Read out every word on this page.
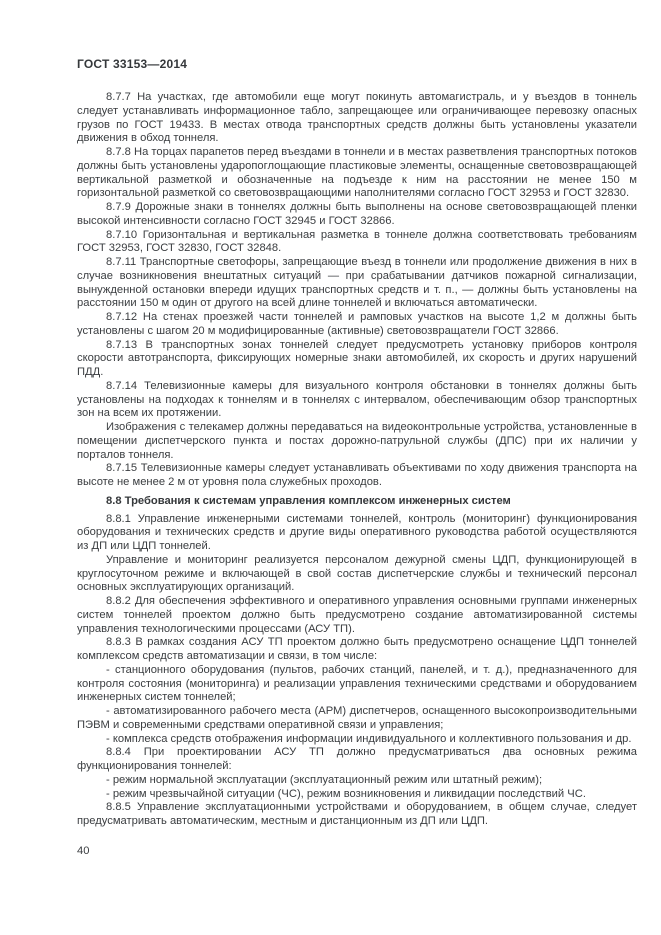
ГОСТ 33153—2014

8.7.7 На участках, где автомобили еще могут покинуть автомагистраль, и у въездов в тоннель следует устанавливать информационное табло, запрещающее или ограничивающее перевозку опасных грузов по ГОСТ 19433. В местах отвода транспортных средств должны быть установлены указатели движения в обход тоннеля.

8.7.8 На торцах парапетов перед въездами в тоннели и в местах разветвления транспортных потоков должны быть установлены ударопоглощающие пластиковые элементы, оснащенные световозвращающей вертикальной разметкой и обозначенные на подъезде к ним на расстоянии не менее 150 м горизонтальной разметкой со световозвращающими наполнителями согласно ГОСТ 32953 и ГОСТ 32830.

8.7.9 Дорожные знаки в тоннелях должны быть выполнены на основе световозвращающей пленки высокой интенсивности согласно ГОСТ 32945 и ГОСТ 32866.

8.7.10 Горизонтальная и вертикальная разметка в тоннеле должна соответствовать требованиям ГОСТ 32953, ГОСТ 32830, ГОСТ 32848.

8.7.11 Транспортные светофоры, запрещающие въезд в тоннели или продолжение движения в них в случае возникновения внештатных ситуаций — при срабатывании датчиков пожарной сигнализации, вынужденной остановки впереди идущих транспортных средств и т. п., — должны быть установлены на расстоянии 150 м один от другого на всей длине тоннелей и включаться автоматически.

8.7.12 На стенах проезжей части тоннелей и рамповых участков на высоте 1,2 м должны быть установлены с шагом 20 м модифицированные (активные) световозвращатели ГОСТ 32866.

8.7.13 В транспортных зонах тоннелей следует предусмотреть установку приборов контроля скорости автотранспорта, фиксирующих номерные знаки автомобилей, их скорость и других нарушений ПДД.

8.7.14 Телевизионные камеры для визуального контроля обстановки в тоннелях должны быть установлены на подходах к тоннелям и в тоннелях с интервалом, обеспечивающим обзор транспортных зон на всем их протяжении.

Изображения с телекамер должны передаваться на видеоконтрольные устройства, установленные в помещении диспетчерского пункта и постах дорожно-патрульной службы (ДПС) при их наличии у порталов тоннеля.

8.7.15 Телевизионные камеры следует устанавливать объективами по ходу движения транспорта на высоте не менее 2 м от уровня пола служебных проходов.

8.8 Требования к системам управления комплексом инженерных систем

8.8.1 Управление инженерными системами тоннелей, контроль (мониторинг) функционирования оборудования и технических средств и другие виды оперативного руководства работой осуществляются из ДП или ЦДП тоннелей.

Управление и мониторинг реализуется персоналом дежурной смены ЦДП, функционирующей в круглосуточном режиме и включающей в свой состав диспетчерские службы и технический персонал основных эксплуатирующих организаций.

8.8.2 Для обеспечения эффективного и оперативного управления основными группами инженерных систем тоннелей проектом должно быть предусмотрено создание автоматизированной системы управления технологическими процессами (АСУ ТП).

8.8.3 В рамках создания АСУ ТП проектом должно быть предусмотрено оснащение ЦДП тоннелей комплексом средств автоматизации и связи, в том числе:

- станционного оборудования (пультов, рабочих станций, панелей, и т. д.), предназначенного для контроля состояния (мониторинга) и реализации управления техническими средствами и оборудованием инженерных систем тоннелей;

- автоматизированного рабочего места (АРМ) диспетчеров, оснащенного высокопроизводительными ПЭВМ и современными средствами оперативной связи и управления;

- комплекса средств отображения информации индивидуального и коллективного пользования и др.

8.8.4 При проектировании АСУ ТП должно предусматриваться два основных режима функционирования тоннелей:

- режим нормальной эксплуатации (эксплуатационный режим или штатный режим);

- режим чрезвычайной ситуации (ЧС), режим возникновения и ликвидации последствий ЧС.

8.8.5 Управление эксплуатационными устройствами и оборудованием, в общем случае, следует предусматривать автоматическим, местным и дистанционным из ДП или ЦДП.

40
